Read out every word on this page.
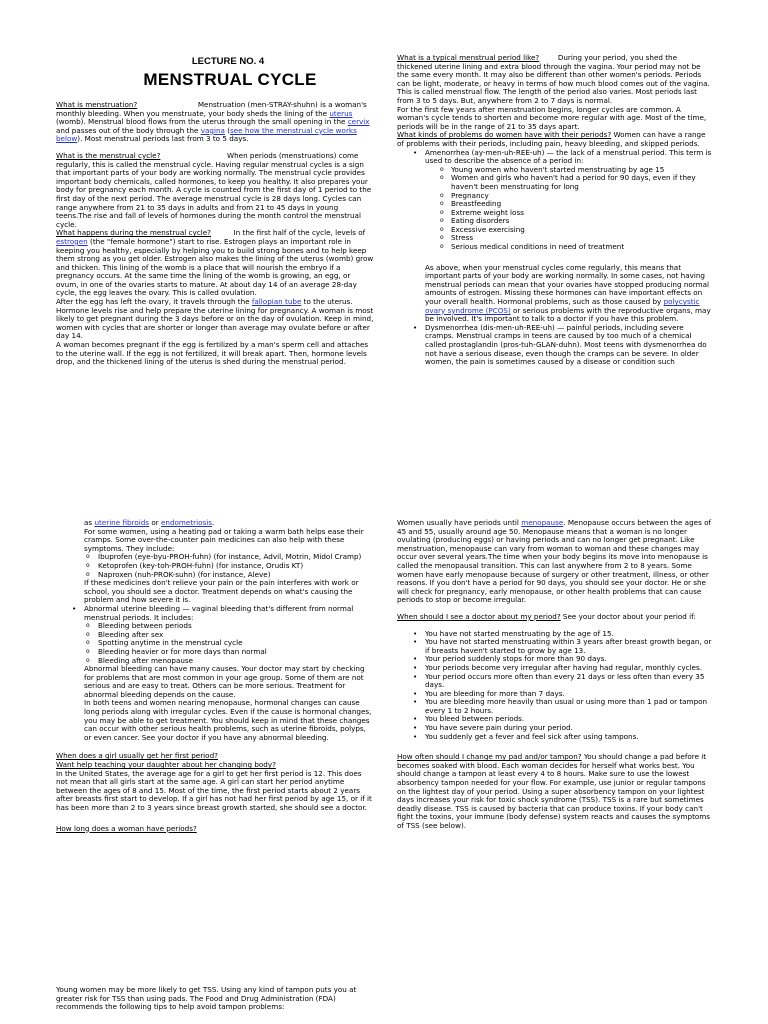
LECTURE NO. 4
MENSTRUAL CYCLE

What is menstruation?	Menstruation (men-STRAY-shuhn) is a woman's monthly bleeding. When you menstruate, your body sheds the lining of the uterus (womb). Menstrual blood flows from the uterus through the small opening in the cervix and passes out of the body through the vagina (see how the menstrual cycle works below). Most menstrual periods last from 3 to 5 days.

What is the menstrual cycle?	When periods (menstruations) come regularly, this is called the menstrual cycle. Having regular menstrual cycles is a sign that important parts of your body are working normally. The menstrual cycle provides important body chemicals, called hormones, to keep you healthy. It also prepares your body for pregnancy each month. A cycle is counted from the first day of 1 period to the first day of the next period. The average menstrual cycle is 28 days long. Cycles can range anywhere from 21 to 35 days in adults and from 21 to 45 days in young teens.The rise and fall of levels of hormones during the month control the menstrual cycle.

What happens during the menstrual cycle?	In the first half of the cycle, levels of estrogen (the "female hormone") start to rise. Estrogen plays an important role in keeping you healthy, especially by helping you to build strong bones and to help keep them strong as you get older. Estrogen also makes the lining of the uterus (womb) grow and thicken. This lining of the womb is a place that will nourish the embryo if a pregnancy occurs. At the same time the lining of the womb is growing, an egg, or ovum, in one of the ovaries starts to mature. At about day 14 of an average 28-day cycle, the egg leaves the ovary. This is called ovulation.

After the egg has left the ovary, it travels through the fallopian tube to the uterus. Hormone levels rise and help prepare the uterine lining for pregnancy. A woman is most likely to get pregnant during the 3 days before or on the day of ovulation. Keep in mind, women with cycles that are shorter or longer than average may ovulate before or after day 14.

A woman becomes pregnant if the egg is fertilized by a man's sperm cell and attaches to the uterine wall. If the egg is not fertilized, it will break apart. Then, hormone levels drop, and the thickened lining of the uterus is shed during the menstrual period.

What is a typical menstrual period like?	During your period, you shed the thickened uterine lining and extra blood through the vagina. Your period may not be the same every month. It may also be different than other women's periods. Periods can be light, moderate, or heavy in terms of how much blood comes out of the vagina. This is called menstrual flow. The length of the period also varies. Most periods last from 3 to 5 days. But, anywhere from 2 to 7 days is normal.

For the first few years after menstruation begins, longer cycles are common. A woman's cycle tends to shorten and become more regular with age. Most of the time, periods will be in the range of 21 to 35 days apart.

What kinds of problems do women have with their periods? Women can have a range of problems with their periods, including pain, heavy bleeding, and skipped periods.

• Amenorrhea (ay-men-uh-REE-uh) — the lack of a menstrual period. This term is used to describe the absence of a period in:
o Young women who haven't started menstruating by age 15
o Women and girls who haven't had a period for 90 days, even if they haven't been menstruating for long
o Pregnancy
o Breastfeeding
o Extreme weight loss
o Eating disorders
o Excessive exercising
o Stress
o Serious medical conditions in need of treatment

As above, when your menstrual cycles come regularly, this means that important parts of your body are working normally. In some cases, not having menstrual periods can mean that your ovaries have stopped producing normal amounts of estrogen. Missing these hormones can have important effects on your overall health. Hormonal problems, such as those caused by polycystic ovary syndrome (PCOS) or serious problems with the reproductive organs, may be involved. It's important to talk to a doctor if you have this problem.

• Dysmenorrhea (dis-men-uh-REE-uh) — painful periods, including severe cramps. Menstrual cramps in teens are caused by too much of a chemical called prostaglandin (pros-tuh-GLAN-duhn). Most teens with dysmenorrhea do not have a serious disease, even though the cramps can be severe. In older women, the pain is sometimes caused by a disease or condition such

as uterine fibroids or endometriosis.

For some women, using a heating pad or taking a warm bath helps ease their cramps. Some over-the-counter pain medicines can also help with these symptoms. They include:

o Ibuprofen (eye-byu-PROH-fuhn) (for instance, Advil, Motrin, Midol Cramp)
o Ketoprofen (key-toh-PROH-fuhn) (for instance, Orudis KT)
o Naproxen (nuh-PROK-suhn) (for instance, Aleve)

If these medicines don't relieve your pain or the pain interferes with work or school, you should see a doctor. Treatment depends on what's causing the problem and how severe it is.

• Abnormal uterine bleeding — vaginal bleeding that's different from normal menstrual periods. It includes:
o Bleeding between periods
o Bleeding after sex
o Spotting anytime in the menstrual cycle
o Bleeding heavier or for more days than normal
o Bleeding after menopause

Abnormal bleeding can have many causes. Your doctor may start by checking for problems that are most common in your age group. Some of them are not serious and are easy to treat. Others can be more serious. Treatment for abnormal bleeding depends on the cause.

In both teens and women nearing menopause, hormonal changes can cause long periods along with irregular cycles. Even if the cause is hormonal changes, you may be able to get treatment. You should keep in mind that these changes can occur with other serious health problems, such as uterine fibroids, polyps, or even cancer. See your doctor if you have any abnormal bleeding.

When does a girl usually get her first period?

Want help teaching your daughter about her changing body?

In the United States, the average age for a girl to get her first period is 12. This does not mean that all girls start at the same age. A girl can start her period anytime between the ages of 8 and 15. Most of the time, the first period starts about 2 years after breasts first start to develop. If a girl has not had her first period by age 15, or if it has been more than 2 to 3 years since breast growth started, she should see a doctor.

How long does a woman have periods?

Young women may be more likely to get TSS. Using any kind of tampon puts you at greater risk for TSS than using pads. The Food and Drug Administration (FDA) recommends the following tips to help avoid tampon problems:

Women usually have periods until menopause. Menopause occurs between the ages of 45 and 55, usually around age 50. Menopause means that a woman is no longer ovulating (producing eggs) or having periods and can no longer get pregnant. Like menstruation, menopause can vary from woman to woman and these changes may occur over several years.The time when your body begins its move into menopause is called the menopausal transition. This can last anywhere from 2 to 8 years. Some women have early menopause because of surgery or other treatment, illness, or other reasons. If you don't have a period for 90 days, you should see your doctor. He or she will check for pregnancy, early menopause, or other health problems that can cause periods to stop or become irregular.

When should I see a doctor about my period? See your doctor about your period if:

• You have not started menstruating by the age of 15.
• You have not started menstruating within 3 years after breast growth began, or if breasts haven't started to grow by age 13.
• Your period suddenly stops for more than 90 days.
• Your periods become very irregular after having had regular, monthly cycles.
• Your period occurs more often than every 21 days or less often than every 35 days.
• You are bleeding for more than 7 days.
• You are bleeding more heavily than usual or using more than 1 pad or tampon every 1 to 2 hours.
• You bleed between periods.
• You have severe pain during your period.
• You suddenly get a fever and feel sick after using tampons.

How often should I change my pad and/or tampon? You should change a pad before it becomes soaked with blood. Each woman decides for herself what works best. You should change a tampon at least every 4 to 8 hours. Make sure to use the lowest absorbency tampon needed for your flow. For example, use junior or regular tampons on the lightest day of your period. Using a super absorbency tampon on your lightest days increases your risk for toxic shock syndrome (TSS). TSS is a rare but sometimes deadly disease. TSS is caused by bacteria that can produce toxins. If your body can't fight the toxins, your immune (body defense) system reacts and causes the symptoms of TSS (see below).
